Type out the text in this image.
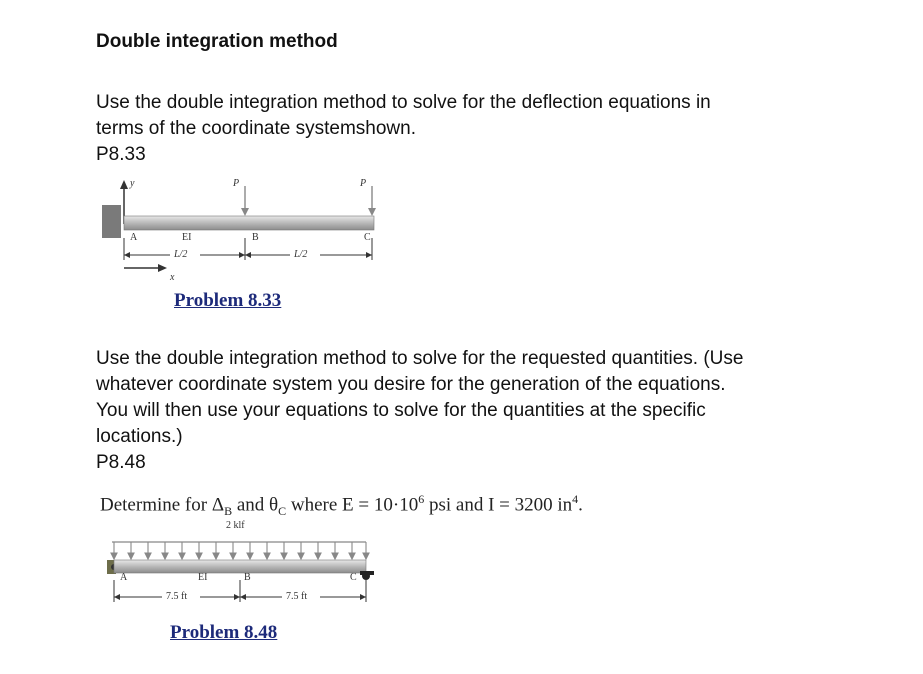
Double integration method
Use the double integration method to solve for the deflection equations in
terms of the coordinate systemshown.
P8.33
y	P	P
A	EI	B	C
L/2	L/2
x
Problem 8.33
Use the double integration method to solve for the requested quantities. (Use
whatever coordinate system you desire for the generation of the equations.
You will then use your equations to solve for the quantities at the specific
locations.)
P8.48
Determine for $\Delta_B$ and $\theta_C$ where $E = 10\cdot 10^6$ psi and I = 3200 $in^4$.
2 klf
A	EI	B	C
7.5 ft	7.5 ft
Problem 8.48
